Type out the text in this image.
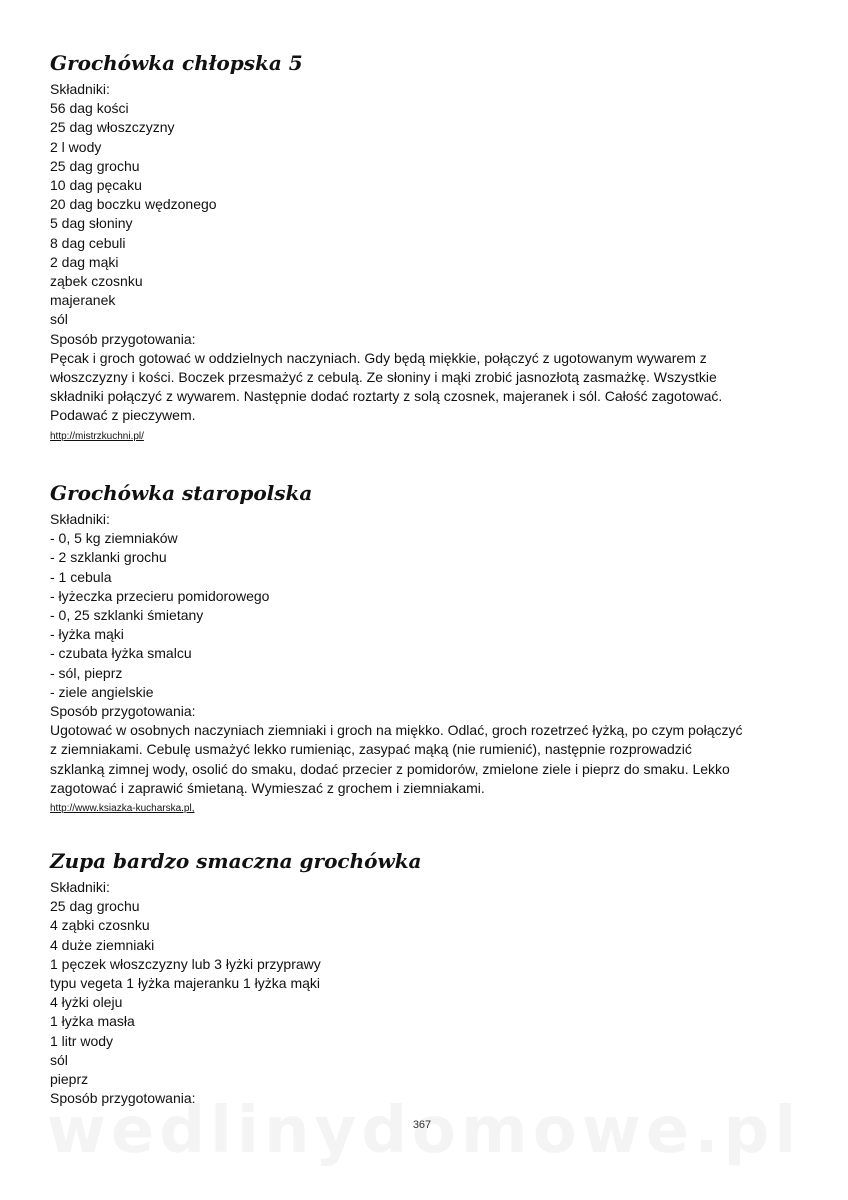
Grochówka chłopska 5

Składniki:

56 dag kości

25 dag włoszczyzny

2 l wody

25 dag grochu

10 dag pęcaku

20 dag boczku wędzonego

5 dag słoniny

8 dag cebuli

2 dag mąki

ząbek czosnku

majeranek

sól

Sposób przygotowania:

Pęcak i groch gotować w oddzielnych naczyniach. Gdy będą miękkie, połączyć z ugotowanym wywarem z włoszczyzny i kości. Boczek przesmażyć z cebulą. Ze słoniny i mąki zrobić jasnozłotą zasmażkę. Wszystkie składniki połączyć z wywarem. Następnie dodać roztarty z solą czosnek, majeranek i sól. Całość zagotować. Podawać z pieczywem.

http://mistrzkuchni.pl/
Grochówka staropolska

Składniki:

- 0, 5 kg ziemniaków

- 2 szklanki grochu

- 1 cebula

- łyżeczka przecieru pomidorowego

- 0, 25 szklanki śmietany

- łyżka mąki

- czubata łyżka smalcu

- sól, pieprz

- ziele angielskie

Sposób przygotowania:

Ugotować w osobnych naczyniach ziemniaki i groch na miękko. Odlać, groch rozetrzeć łyżką, po czym połączyć z ziemniakami. Cebulę usmażyć lekko rumieniąc, zasypać mąką (nie rumienić), następnie rozprowadzić szklanką zimnej wody, osolić do smaku, dodać przecier z pomidorów, zmielone ziele i pieprz do smaku. Lekko zagotować i zaprawić śmietaną. Wymieszać z grochem i ziemniakami.

http://www.ksiazka-kucharska.pl,
Zupa bardzo smaczna grochówka

Składniki:

25 dag grochu

4 ząbki czosnku

4 duże ziemniaki

1 pęczek włoszczyzny lub 3 łyżki przyprawy

typu vegeta 1 łyżka majeranku 1 łyżka mąki

4 łyżki oleju

1 łyżka masła

1 litr wody

sól

pieprz

Sposób przygotowania:

367
